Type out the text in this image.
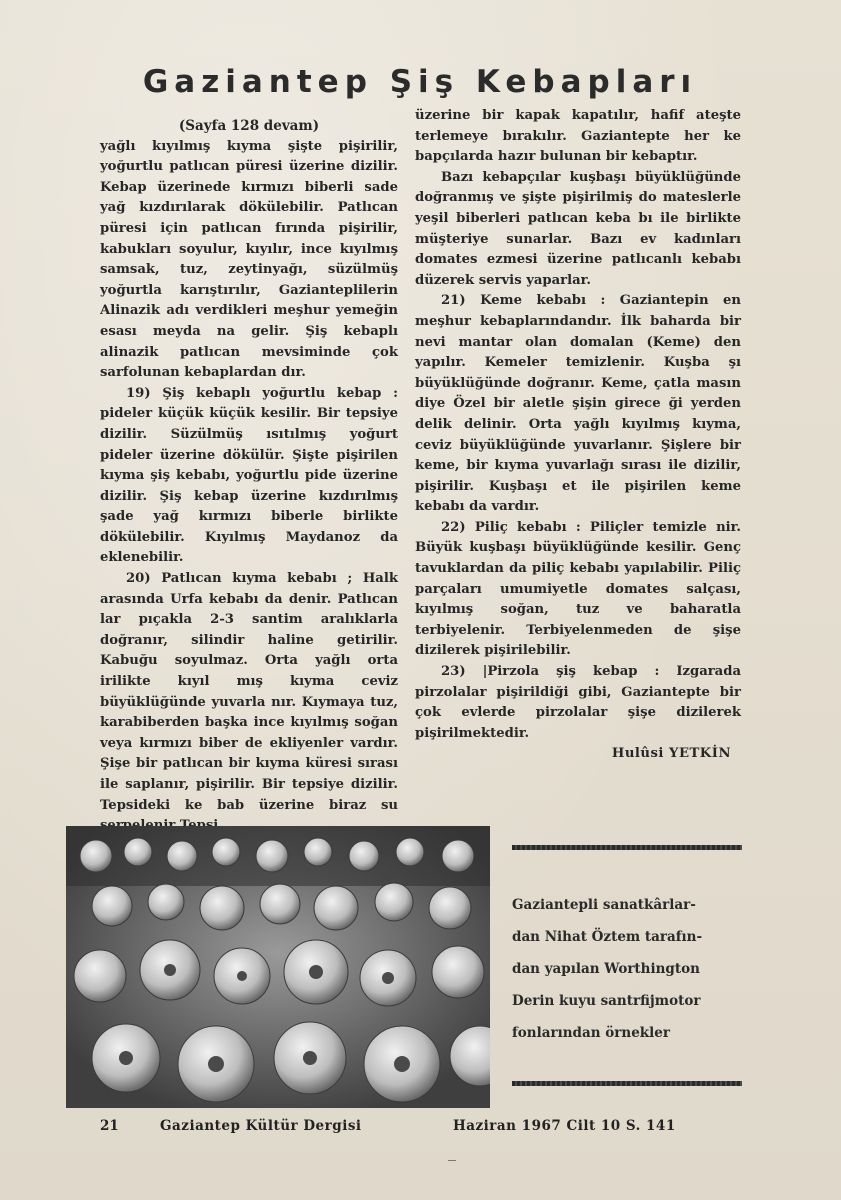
Gaziantep Şiş Kebapları

(Sayfa 128 devam)

yağlı kıyılmış kıyma şişte pişirilir, yoğurtlu patlıcan püresi üzerine dizilir. Kebap üzerinede kırmızı biberli sade yağ kızdırılarak dökülebilir. Patlıcan püresi için patlıcan fırında pişirilir, kabukları soyulur, kıyılır, ince kıyılmış samsak, tuz, zeytinyağı, süzülmüş yoğurtla karıştırılır, Gazianteplilerin Alinazik adı verdikleri meşhur yemeğin esası meyda na gelir. Şiş kebaplı alinazik patlıcan mevsiminde çok sarfolunan kebaplardan dır.

19) Şiş kebaplı yoğurtlu kebap : pideler küçük küçük kesilir. Bir tepsiye dizilir. Süzülmüş ısıtılmış yoğurt pideler üzerine dökülür. Şişte pişirilen kıyma şiş kebabı, yoğurtlu pide üzerine dizilir. Şiş kebap üzerine kızdırılmış şade yağ kırmızı biberle birlikte dökülebilir. Kıyılmış Maydanoz da eklenebilir.

20) Patlıcan kıyma kebabı ; Halk arasında Urfa kebabı da denir. Patlıcan lar pıçakla 2-3 santim aralıklarla doğranır, silindir haline getirilir. Kabuğu soyulmaz. Orta yağlı orta irilikte kıyıl mış kıyma ceviz büyüklüğünde yuvarla nır. Kıymaya tuz, karabiberden başka ince kıyılmış soğan veya kırmızı biber de ekliyenler vardır. Şişe bir patlıcan bir kıyma küresi sırası ile saplanır, pişirilir. Bir tepsiye dizilir. Tepsideki ke bab üzerine biraz su

üzerine bir kapak kapatılır, hafif ateşte terlemeye bırakılır. Gaziantepte her ke bapçılarda hazır bulunan bir kebaptır.

Bazı kebapçılar kuşbaşı büyüklüğünde doğranmış ve şişte pişirilmiş do mateslerle yeşil biberleri patlıcan keba bı ile birlikte müşteriye sunarlar. Bazı ev kadınları domates ezmesi üzerine patlıcanlı kebabı düzerek servis yaparlar.

21) Keme kebabı : Gaziantepin en meşhur kebaplarındandır. İlk baharda bir nevi mantar olan domalan (Keme) den yapılır. Kemeler temizlenir. Kuşba şı büyüklüğünde doğranır. Keme, çatla masın diye Özel bir aletle şişin girece ği yerden delik delinir. Orta yağlı kıyılmış kıyma, ceviz büyüklüğünde yuvarlanır. Şişlere bir keme, bir kıyma yuvarlağı sırası ile dizilir, pişirilir. Kuşbaşı et ile pişirilen keme kebabı da vardır.

22) Piliç kebabı : Piliçler temizle nir. Büyük kuşbaşı büyüklüğünde kesilir. Genç tavuklardan da piliç kebabı yapılabilir. Piliç parçaları umumiyetle domates salçası, kıyılmış soğan, tuz ve baharatla terbiyelenir. Terbiyelenmeden de şişe dizilerek pişirilebilir.

23) |Pirzola şiş kebap : Izgarada pirzolalar pişirildiği gibi, Gaziantepte bir çok evlerde pirzolalar şişe dizilerek pişirilmektedir.

Hulûsi YETKİN

Gaziantepli sanatkârlar-
dan Nihat Öztem tarafın-
dan yapılan Worthington
Derin kuyu santrfijmotor
fonlarından örnekler
21	Gaziantep Kültür Dergisi	Haziran 1967 Cilt 10 S. 141
